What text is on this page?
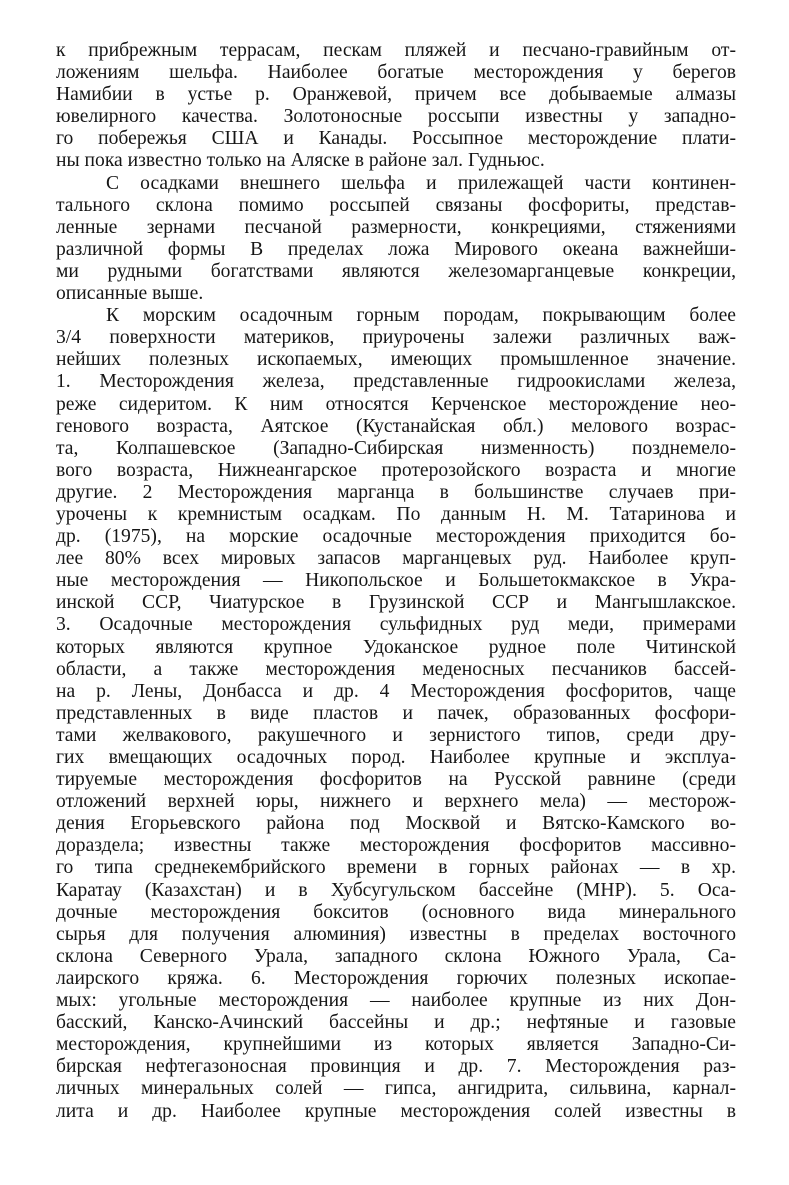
к прибрежным террасам, пескам пляжей и песчано-гравийным от-
ложениям шельфа. Наиболее богатые месторождения у берегов
Намибии в устье р. Оранжевой, причем все добываемые алмазы
ювелирного качества. Золотоносные россыпи известны у западно-
го побережья США и Канады. Россыпное месторождение плати-
ны пока известно только на Аляске в районе зал. Гудньюс.
С осадками внешнего шельфа и прилежащей части континен-
тального склона помимо россыпей связаны фосфориты, представ-
ленные зернами песчаной размерности, конкрециями, стяжениями
различной формы В пределах ложа Мирового океана важнейши-
ми рудными богатствами являются железомарганцевые конкреции,
описанные выше.
К морским осадочным горным породам, покрывающим более
3/4 поверхности материков, приурочены залежи различных важ-
нейших полезных ископаемых, имеющих промышленное значение.
1. Месторождения железа, представленные гидроокислами железа,
реже сидеритом. К ним относятся Керченское месторождение нео-
генового возраста, Аятское (Кустанайская обл.) мелового возрас-
та, Колпашевское (Западно-Сибирская низменность) позднемело-
вого возраста, Нижнеангарское протерозойского возраста и многие
другие. 2 Месторождения марганца в большинстве случаев при-
урочены к кремнистым осадкам. По данным Н. М. Татаринова и
др. (1975), на морские осадочные месторождения приходится бо-
лее 80% всех мировых запасов марганцевых руд. Наиболее круп-
ные месторождения — Никопольское и Большетокмакское в Укра-
инской ССР, Чиатурское в Грузинской ССР и Мангышлакское.
3. Осадочные месторождения сульфидных руд меди, примерами
которых являются крупное Удоканское рудное поле Читинской
области, а также месторождения меденосных песчаников бассей-
на р. Лены, Донбасса и др. 4 Месторождения фосфоритов, чаще
представленных в виде пластов и пачек, образованных фосфори-
тами желвакового, ракушечного и зернистого типов, среди дру-
гих вмещающих осадочных пород. Наиболее крупные и эксплуа-
тируемые месторождения фосфоритов на Русской равнине (среди
отложений верхней юры, нижнего и верхнего мела) — месторож-
дения Егорьевского района под Москвой и Вятско-Камского во-
дораздела; известны также месторождения фосфоритов массивно-
го типа среднекембрийского времени в горных районах — в хр.
Каратау (Казахстан) и в Хубсугульском бассейне (МНР). 5. Оса-
дочные месторождения бокситов (основного вида минерального
сырья для получения алюминия) известны в пределах восточного
склона Северного Урала, западного склона Южного Урала, Са-
лаирского кряжа. 6. Месторождения горючих полезных ископае-
мых: угольные месторождения — наиболее крупные из них Дон-
басский, Канско-Ачинский бассейны и др.; нефтяные и газовые
месторождения, крупнейшими из которых является Западно-Си-
бирская нефтегазоносная провинция и др. 7. Месторождения раз-
личных минеральных солей — гипса, ангидрита, сильвина, карнал-
лита и др. Наиболее крупные месторождения солей известны в
